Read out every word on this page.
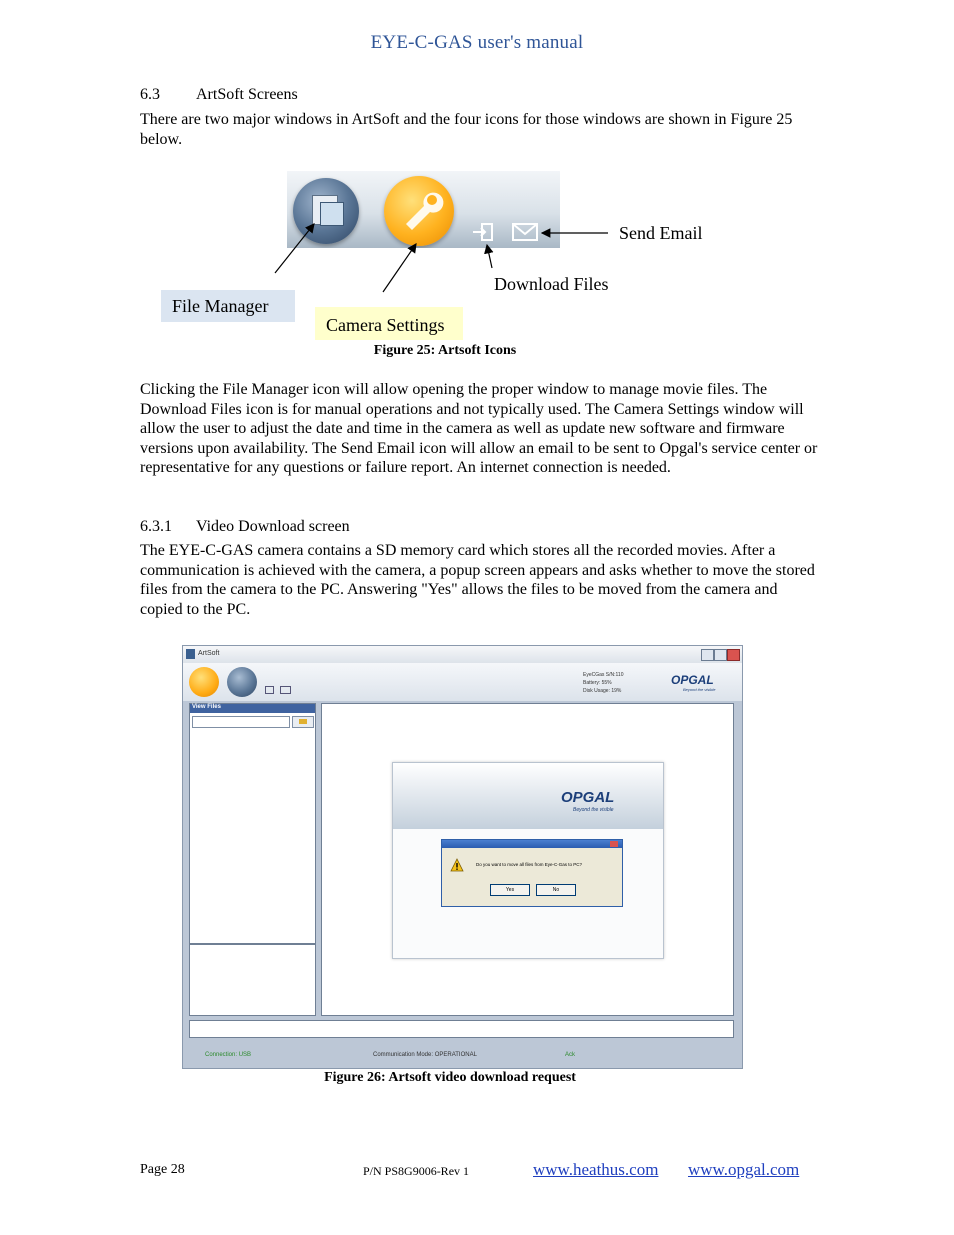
EYE-C-GAS user's manual
6.3 ArtSoft Screens
There are two major windows in ArtSoft and the four icons for those windows are shown in Figure 25 below.
Send Email
Download Files
File Manager
Camera Settings
Figure 25: Artsoft Icons
Clicking the File Manager icon will allow opening the proper window to manage movie files. The Download Files icon is for manual operations and not typically used. The Camera Settings window will allow the user to adjust the date and time in the camera as well as update new software and firmware versions upon availability. The Send Email icon will allow an email to be sent to Opgal's service center or representative for any questions or failure report. An internet connection is needed.
6.3.1 Video Download screen
The EYE-C-GAS camera contains a SD memory card which stores all the recorded movies. After a communication is achieved with the camera, a popup screen appears and asks whether to move the stored files from the camera to the PC. Answering "Yes" allows the files to be moved from the camera and copied to the PC.
ArtSoft
EyeCGas S/N:110
Battery: 55%
Disk Usage: 19%
OPGAL
Beyond the visible
View Files
OPGAL
Beyond the visible
Do you want to move all files from Eye-C-Gas to PC?
Yes	No
Connection: USB	Communication Mode: OPERATIONAL	Ack
Figure 26: Artsoft video download request
Page 28	P/N PS8G9006-Rev 1	www.heathus.com www.opgal.com
